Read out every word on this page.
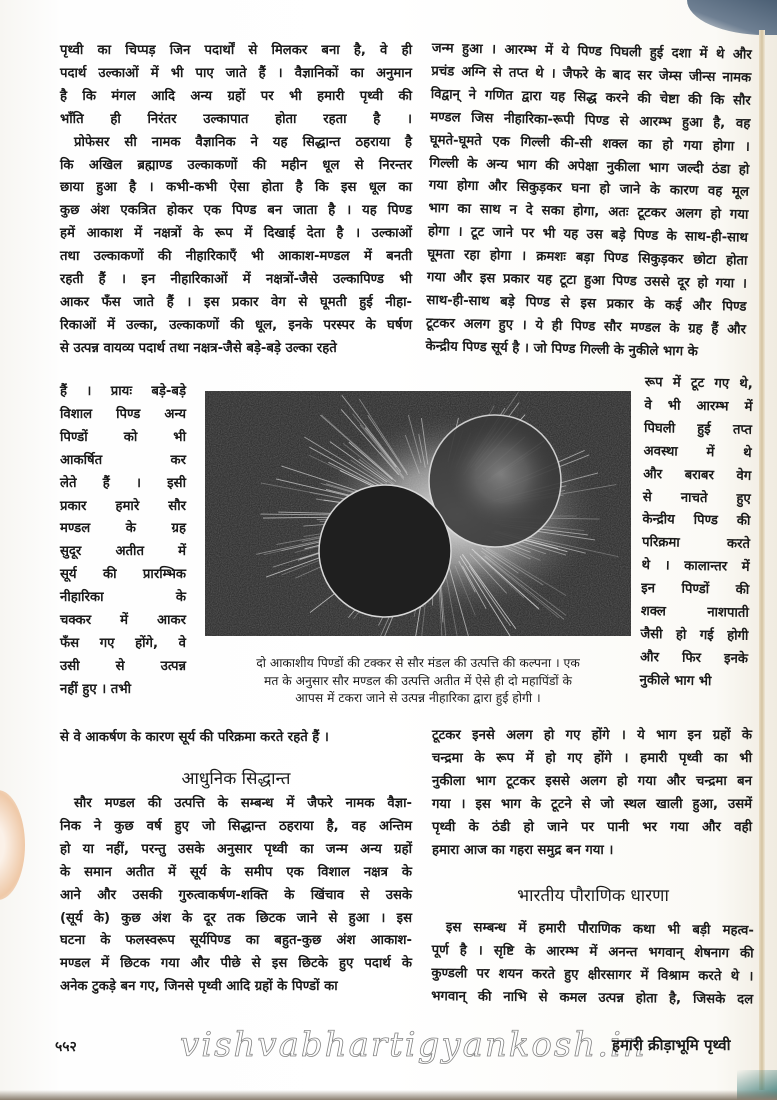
पृथ्वी का चिप्पड़ जिन पदार्थों से मिलकर बना है, वे ही
पदार्थ उल्काओं में भी पाए जाते हैं । वैज्ञानिकों का अनुमान
है कि मंगल आदि अन्य ग्रहों पर भी हमारी पृथ्वी की
भाँति ही निरंतर उल्कापात होता रहता है ।
प्रोफेसर सी नामक वैज्ञानिक ने यह सिद्धान्त ठहराया है
कि अखिल ब्रह्माण्ड उल्काकणों की महीन धूल से निरन्तर
छाया हुआ है । कभी-कभी ऐसा होता है कि इस धूल का
कुछ अंश एकत्रित होकर एक पिण्ड बन जाता है । यह पिण्ड
हमें आकाश में नक्षत्रों के रूप में दिखाई देता है । उल्काओं
तथा उल्काकणों की नीहारिकाएँ भी आकाश-मण्डल में बनती
रहती हैं । इन नीहारिकाओं में नक्षत्रों-जैसे उल्कापिण्ड भी
आकर फँस जाते हैं । इस प्रकार वेग से घूमती हुई नीहा-
रिकाओं में उल्का, उल्काकणों की धूल, इनके परस्पर के घर्षण
से उत्पन्न वायव्य पदार्थ तथा नक्षत्र-जैसे बड़े-बड़े उल्का रहते
हैं । प्रायः बड़े-बड़े
विशाल पिण्ड अन्य
पिण्डों को भी
आकर्षित कर
लेते हैं । इसी
प्रकार हमारे सौर
मण्डल के ग्रह
सुदूर अतीत में
सूर्य की प्रारम्भिक
नीहारिका के
चक्कर में आकर
फँस गए होंगे, वे
उसी से उत्पन्न
नहीं हुए । तभी
से वे आकर्षण के कारण सूर्य की परिक्रमा करते रहते हैं ।
आधुनिक सिद्धान्त
सौर मण्डल की उत्पत्ति के सम्बन्ध में जैफरे नामक वैज्ञा-
निक ने कुछ वर्ष हुए जो सिद्धान्त ठहराया है, वह अन्तिम
हो या नहीं, परन्तु उसके अनुसार पृथ्वी का जन्म अन्य ग्रहों
के समान अतीत में सूर्य के समीप एक विशाल नक्षत्र के
आने और उसकी गुरुत्वाकर्षण-शक्ति के खिंचाव से उसके
(सूर्य के) कुछ अंश के दूर तक छिटक जाने से हुआ । इस
घटना के फलस्वरूप सूर्यपिण्ड का बहुत-कुछ अंश आकाश-
मण्डल में छिटक गया और पीछे से इस छिटके हुए पदार्थ के
अनेक टुकड़े बन गए, जिनसे पृथ्वी आदि ग्रहों के पिण्डों का
जन्म हुआ । आरम्भ में ये पिण्ड पिघली हुई दशा में थे और
प्रचंड अग्नि से तप्त थे । जैफरे के बाद सर जेम्स जीन्स नामक
विद्वान् ने गणित द्वारा यह सिद्ध करने की चेष्टा की कि सौर
मण्डल जिस नीहारिका-रूपी पिण्ड से आरम्भ हुआ है, वह
घूमते-घूमते एक गिल्ली की-सी शक्ल का हो गया होगा ।
गिल्ली के अन्य भाग की अपेक्षा नुकीला भाग जल्दी ठंडा हो
गया होगा और सिकुड़कर घना हो जाने के कारण वह मूल
भाग का साथ न दे सका होगा, अतः टूटकर अलग हो गया
होगा । टूट जाने पर भी यह उस बड़े पिण्ड के साथ-ही-साथ
घूमता रहा होगा । क्रमशः बड़ा पिण्ड सिकुड़कर छोटा होता
गया और इस प्रकार यह टूटा हुआ पिण्ड उससे दूर हो गया ।
साथ-ही-साथ बड़े पिण्ड से इस प्रकार के कई और पिण्ड
टूटकर अलग हुए । ये ही पिण्ड सौर मण्डल के ग्रह हैं और
केन्द्रीय पिण्ड सूर्य है । जो पिण्ड गिल्ली के नुकीले भाग के
रूप में टूट गए थे,
वे भी आरम्भ में
पिघली हुई तप्त
अवस्था में थे
और बराबर वेग
से नाचते हुए
केन्द्रीय पिण्ड की
परिक्रमा करते
थे । कालान्तर में
इन पिण्डों की
शक्ल नाशपाती
जैसी हो गई होगी
और फिर इनके
नुकीले भाग भी
टूटकर इनसे अलग हो गए होंगे । ये भाग इन ग्रहों के
चन्द्रमा के रूप में हो गए होंगे । हमारी पृथ्वी का भी
नुकीला भाग टूटकर इससे अलग हो गया और चन्द्रमा बन
गया । इस भाग के टूटने से जो स्थल खाली हुआ, उसमें
पृथ्वी के ठंडी हो जाने पर पानी भर गया और वही
हमारा आज का गहरा समुद्र बन गया ।
भारतीय पौराणिक धारणा
इस सम्बन्ध में हमारी पौराणिक कथा भी बड़ी महत्व-
पूर्ण है । सृष्टि के आरम्भ में अनन्त भगवान् शेषनाग की
कुण्डली पर शयन करते हुए क्षीरसागर में विश्राम करते थे ।
भगवान् की नाभि से कमल उत्पन्न होता है, जिसके दल
दो आकाशीय पिण्डों की टक्कर से सौर मंडल की उत्पत्ति की कल्पना । एक
मत के अनुसार सौर मण्डल की उत्पत्ति अतीत में ऐसे ही दो महापिंडों के
आपस में टकरा जाने से उत्पन्न नीहारिका द्वारा हुई होगी ।
vishvabhartigyankosh.in
५५२	हमारी क्रीड़ाभूमि पृथ्वी
